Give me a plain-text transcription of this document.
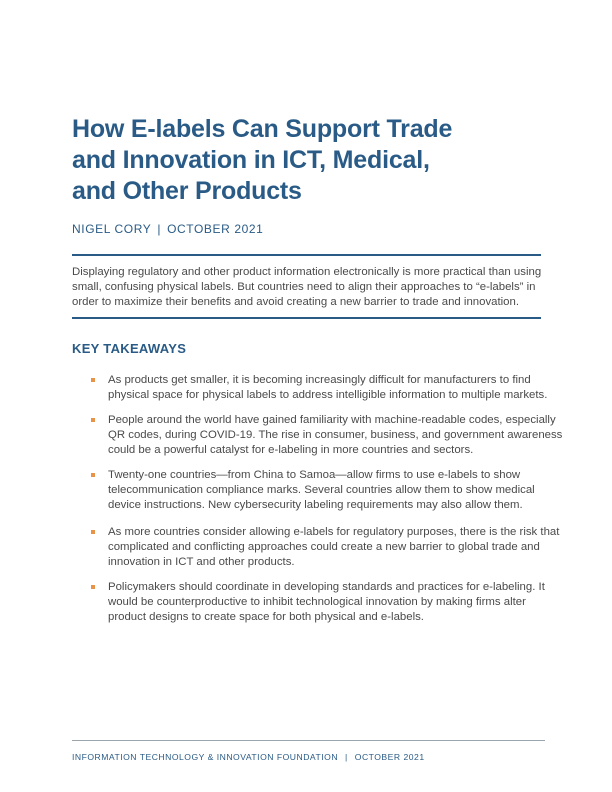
How E-labels Can Support Trade
and Innovation in ICT, Medical,
and Other Products
NIGEL CORY | OCTOBER 2021
Displaying regulatory and other product information electronically is more practical than using
small, confusing physical labels. But countries need to align their approaches to “e-labels” in
order to maximize their benefits and avoid creating a new barrier to trade and innovation.
KEY TAKEAWAYS
As products get smaller, it is becoming increasingly difficult for manufacturers to find
physical space for physical labels to address intelligible information to multiple markets.
People around the world have gained familiarity with machine-readable codes, especially
QR codes, during COVID-19. The rise in consumer, business, and government awareness
could be a powerful catalyst for e-labeling in more countries and sectors.
Twenty-one countries—from China to Samoa—allow firms to use e-labels to show
telecommunication compliance marks. Several countries allow them to show medical
device instructions. New cybersecurity labeling requirements may also allow them.
As more countries consider allowing e-labels for regulatory purposes, there is the risk that
complicated and conflicting approaches could create a new barrier to global trade and
innovation in ICT and other products.
Policymakers should coordinate in developing standards and practices for e-labeling. It
would be counterproductive to inhibit technological innovation by making firms alter
product designs to create space for both physical and e-labels.
INFORMATION TECHNOLOGY & INNOVATION FOUNDATION | OCTOBER 2021
